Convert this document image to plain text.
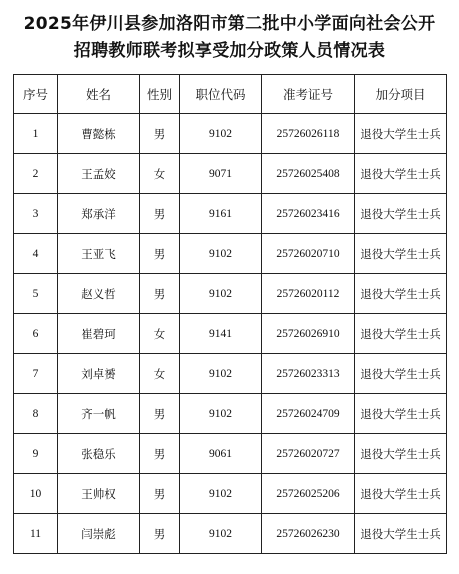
2025年伊川县参加洛阳市第二批中小学面向社会公开
招聘教师联考拟享受加分政策人员情况表
序号	姓名	性别	职位代码	准考证号	加分项目
1	曹懿栋	男	9102	25726026118	退役大学生士兵
2	王孟姣	女	9071	25726025408	退役大学生士兵
3	郑承洋	男	9161	25726023416	退役大学生士兵
4	王亚飞	男	9102	25726020710	退役大学生士兵
5	赵义哲	男	9102	25726020112	退役大学生士兵
6	崔碧珂	女	9141	25726026910	退役大学生士兵
7	刘卓赟	女	9102	25726023313	退役大学生士兵
8	齐一帆	男	9102	25726024709	退役大学生士兵
9	张稳乐	男	9061	25726020727	退役大学生士兵
10	王帅权	男	9102	25726025206	退役大学生士兵
11	闫崇彪	男	9102	25726026230	退役大学生士兵
